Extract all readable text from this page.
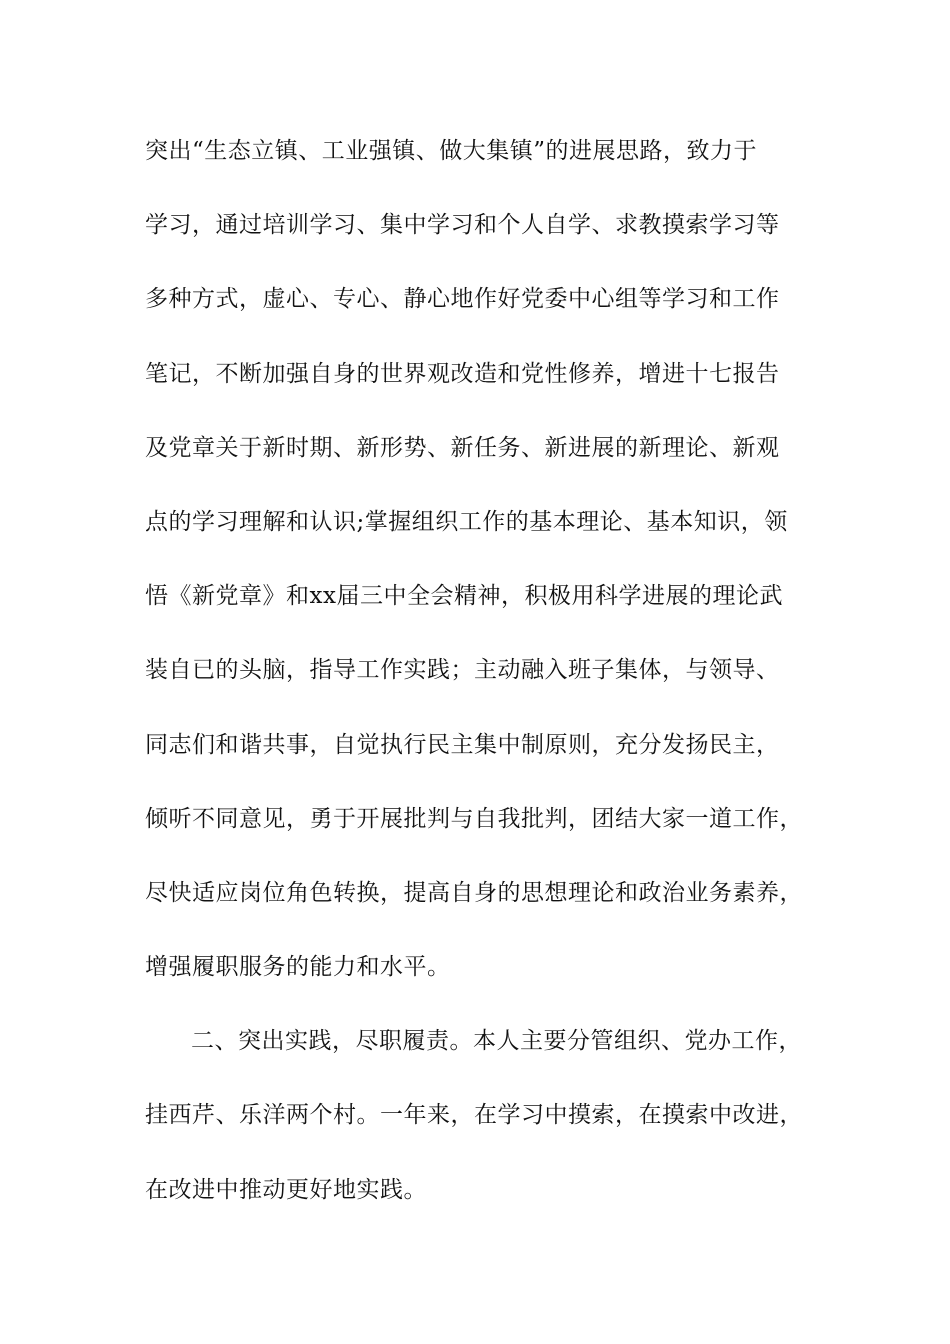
突出“生态立镇、工业强镇、做大集镇”的进展思路，致力于
学习，通过培训学习、集中学习和个人自学、求教摸索学习等
多种方式，虚心、专心、静心地作好党委中心组等学习和工作
笔记，不断加强自身的世界观改造和党性修养，增进十七报告
及党章关于新时期、新形势、新任务、新进展的新理论、新观
点的学习理解和认识;掌握组织工作的基本理论、基本知识，领
悟《新党章》和xx届三中全会精神，积极用科学进展的理论武
装自已的头脑，指导工作实践；主动融入班子集体，与领导、
同志们和谐共事，自觉执行民主集中制原则，充分发扬民主，
倾听不同意见，勇于开展批判与自我批判，团结大家一道工作，
尽快适应岗位角色转换，提高自身的思想理论和政治业务素养，
增强履职服务的能力和水平。
二、突出实践，尽职履责。本人主要分管组织、党办工作，
挂西芹、乐洋两个村。一年来，在学习中摸索，在摸索中改进，
在改进中推动更好地实践。
